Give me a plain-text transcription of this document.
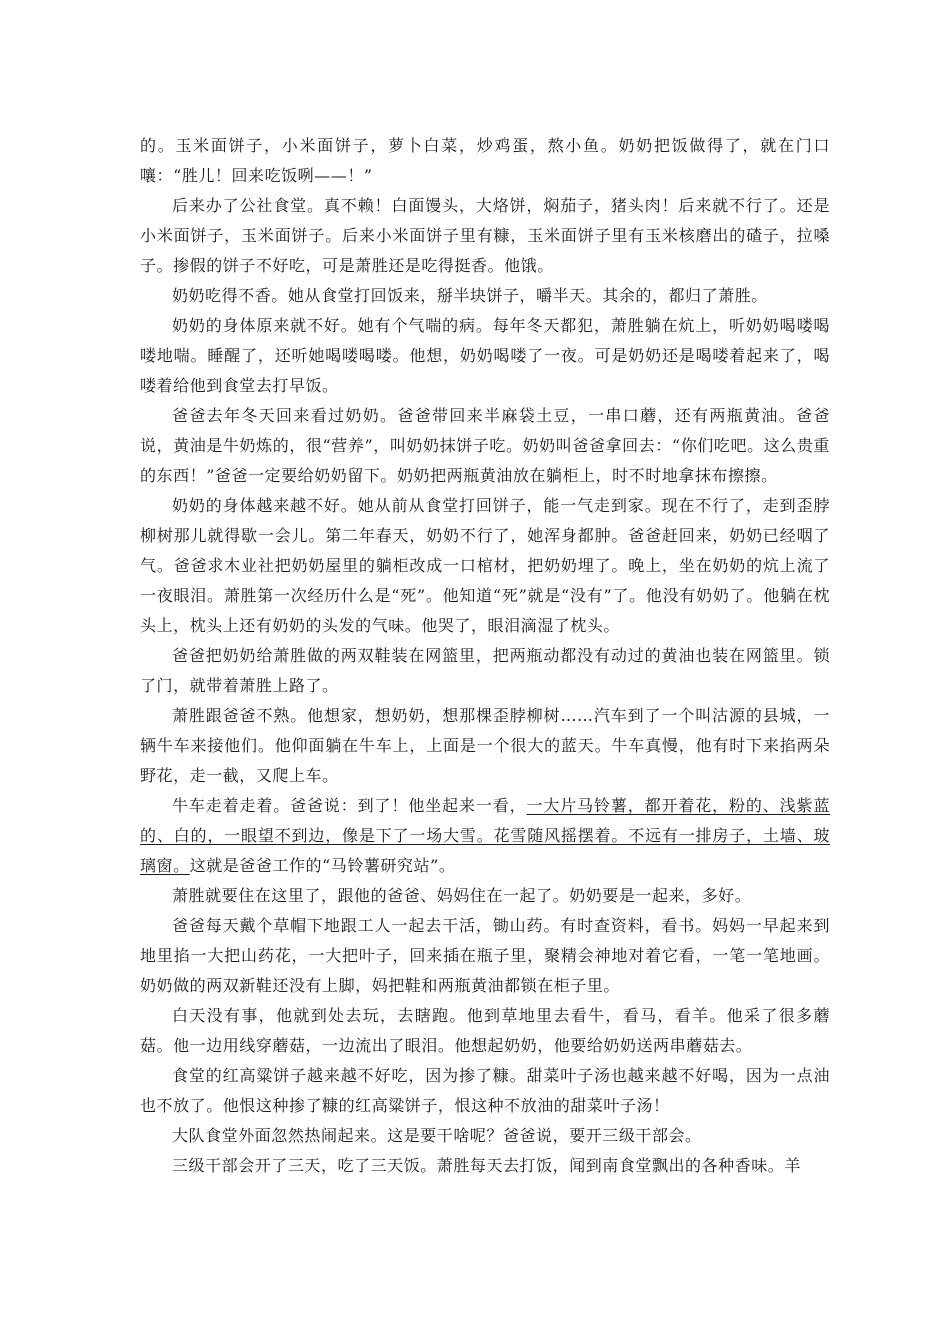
的。玉米面饼子，小米面饼子，萝卜白菜，炒鸡蛋，熬小鱼。奶奶把饭做得了，就在门口嚷：“胜儿！回来吃饭咧——！”

后来办了公社食堂。真不赖！白面馒头，大烙饼，焖茄子，猪头肉！后来就不行了。还是小米面饼子，玉米面饼子。后来小米面饼子里有糠，玉米面饼子里有玉米核磨出的碴子，拉嗓子。掺假的饼子不好吃，可是萧胜还是吃得挺香。他饿。

奶奶吃得不香。她从食堂打回饭来，掰半块饼子，嚼半天。其余的，都归了萧胜。

奶奶的身体原来就不好。她有个气喘的病。每年冬天都犯，萧胜躺在炕上，听奶奶喝喽喝喽地喘。睡醒了，还听她喝喽喝喽。他想，奶奶喝喽了一夜。可是奶奶还是喝喽着起来了，喝喽着给他到食堂去打早饭。

爸爸去年冬天回来看过奶奶。爸爸带回来半麻袋土豆，一串口蘑，还有两瓶黄油。爸爸说，黄油是牛奶炼的，很“营养”，叫奶奶抹饼子吃。奶奶叫爸爸拿回去：“你们吃吧。这么贵重的东西！”爸爸一定要给奶奶留下。奶奶把两瓶黄油放在躺柜上，时不时地拿抹布擦擦。

奶奶的身体越来越不好。她从前从食堂打回饼子，能一气走到家。现在不行了，走到歪脖柳树那儿就得歇一会儿。第二年春天，奶奶不行了，她浑身都肿。爸爸赶回来，奶奶已经咽了气。爸爸求木业社把奶奶屋里的躺柜改成一口棺材，把奶奶埋了。晚上，坐在奶奶的炕上流了一夜眼泪。萧胜第一次经历什么是“死”。他知道“死”就是“没有”了。他没有奶奶了。他躺在枕头上，枕头上还有奶奶的头发的气味。他哭了，眼泪滴湿了枕头。

爸爸把奶奶给萧胜做的两双鞋装在网篮里，把两瓶动都没有动过的黄油也装在网篮里。锁了门，就带着萧胜上路了。

萧胜跟爸爸不熟。他想家，想奶奶，想那棵歪脖柳树……汽车到了一个叫沽源的县城，一辆牛车来接他们。他仰面躺在牛车上，上面是一个很大的蓝天。牛车真慢，他有时下来掐两朵野花，走一截，又爬上车。

牛车走着走着。爸爸说：到了！他坐起来一看，一大片马铃薯，都开着花，粉的、浅紫蓝的、白的，一眼望不到边，像是下了一场大雪。花雪随风摇摆着。不远有一排房子，土墙、玻璃窗。这就是爸爸工作的“马铃薯研究站”。

萧胜就要住在这里了，跟他的爸爸、妈妈住在一起了。奶奶要是一起来，多好。

爸爸每天戴个草帽下地跟工人一起去干活，锄山药。有时查资料，看书。妈妈一早起来到地里掐一大把山药花，一大把叶子，回来插在瓶子里，聚精会神地对着它看，一笔一笔地画。奶奶做的两双新鞋还没有上脚，妈把鞋和两瓶黄油都锁在柜子里。

白天没有事，他就到处去玩，去瞎跑。他到草地里去看牛，看马，看羊。他采了很多蘑菇。他一边用线穿蘑菇，一边流出了眼泪。他想起奶奶，他要给奶奶送两串蘑菇去。

食堂的红高粱饼子越来越不好吃，因为掺了糠。甜菜叶子汤也越来越不好喝，因为一点油也不放了。他恨这种掺了糠的红高粱饼子，恨这种不放油的甜菜叶子汤！

大队食堂外面忽然热闹起来。这是要干啥呢？爸爸说，要开三级干部会。

三级干部会开了三天，吃了三天饭。萧胜每天去打饭，闻到南食堂飘出的各种香味。羊
